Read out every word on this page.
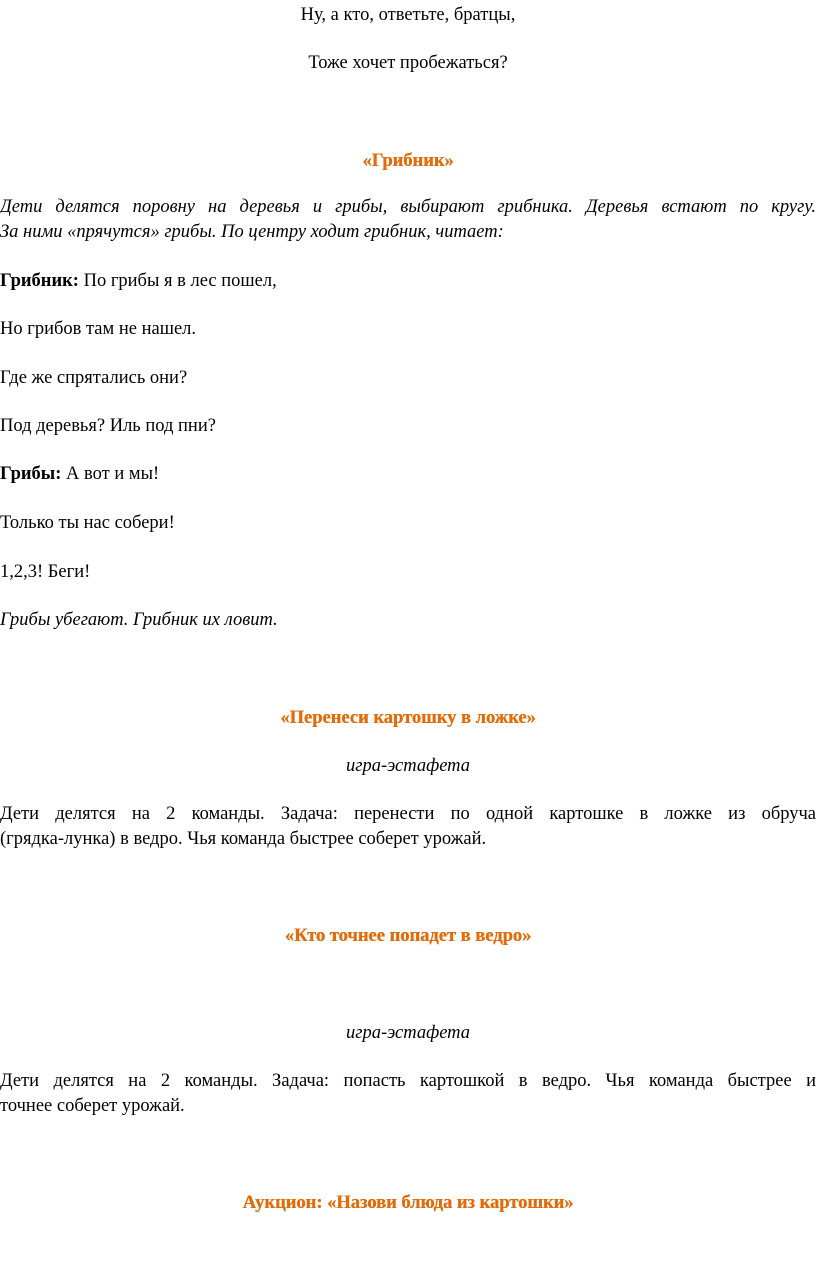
Ну, а кто, ответьте, братцы,
Тоже хочет пробежаться?
«Грибник»
Дети делятся поровну на деревья и грибы, выбирают грибника. Деревья встают по кругу.
За ними «прячутся» грибы. По центру ходит грибник, читает:
Грибник: По грибы я в лес пошел,
Но грибов там не нашел.
Где же спрятались они?
Под деревья? Иль под пни?
Грибы: А вот и мы!
Только ты нас собери!
1,2,3! Беги!
Грибы убегают. Грибник их ловит.
«Перенеси картошку в ложке»
игра-эстафета
Дети делятся на 2 команды. Задача: перенести по одной картошке в ложке из обруча
(грядка-лунка) в ведро. Чья команда быстрее соберет урожай.
«Кто точнее попадет в ведро»
игра-эстафета
Дети делятся на 2 команды. Задача: попасть картошкой в ведро. Чья команда быстрее и
точнее соберет урожай.
Аукцион: «Назови блюда из картошки»
